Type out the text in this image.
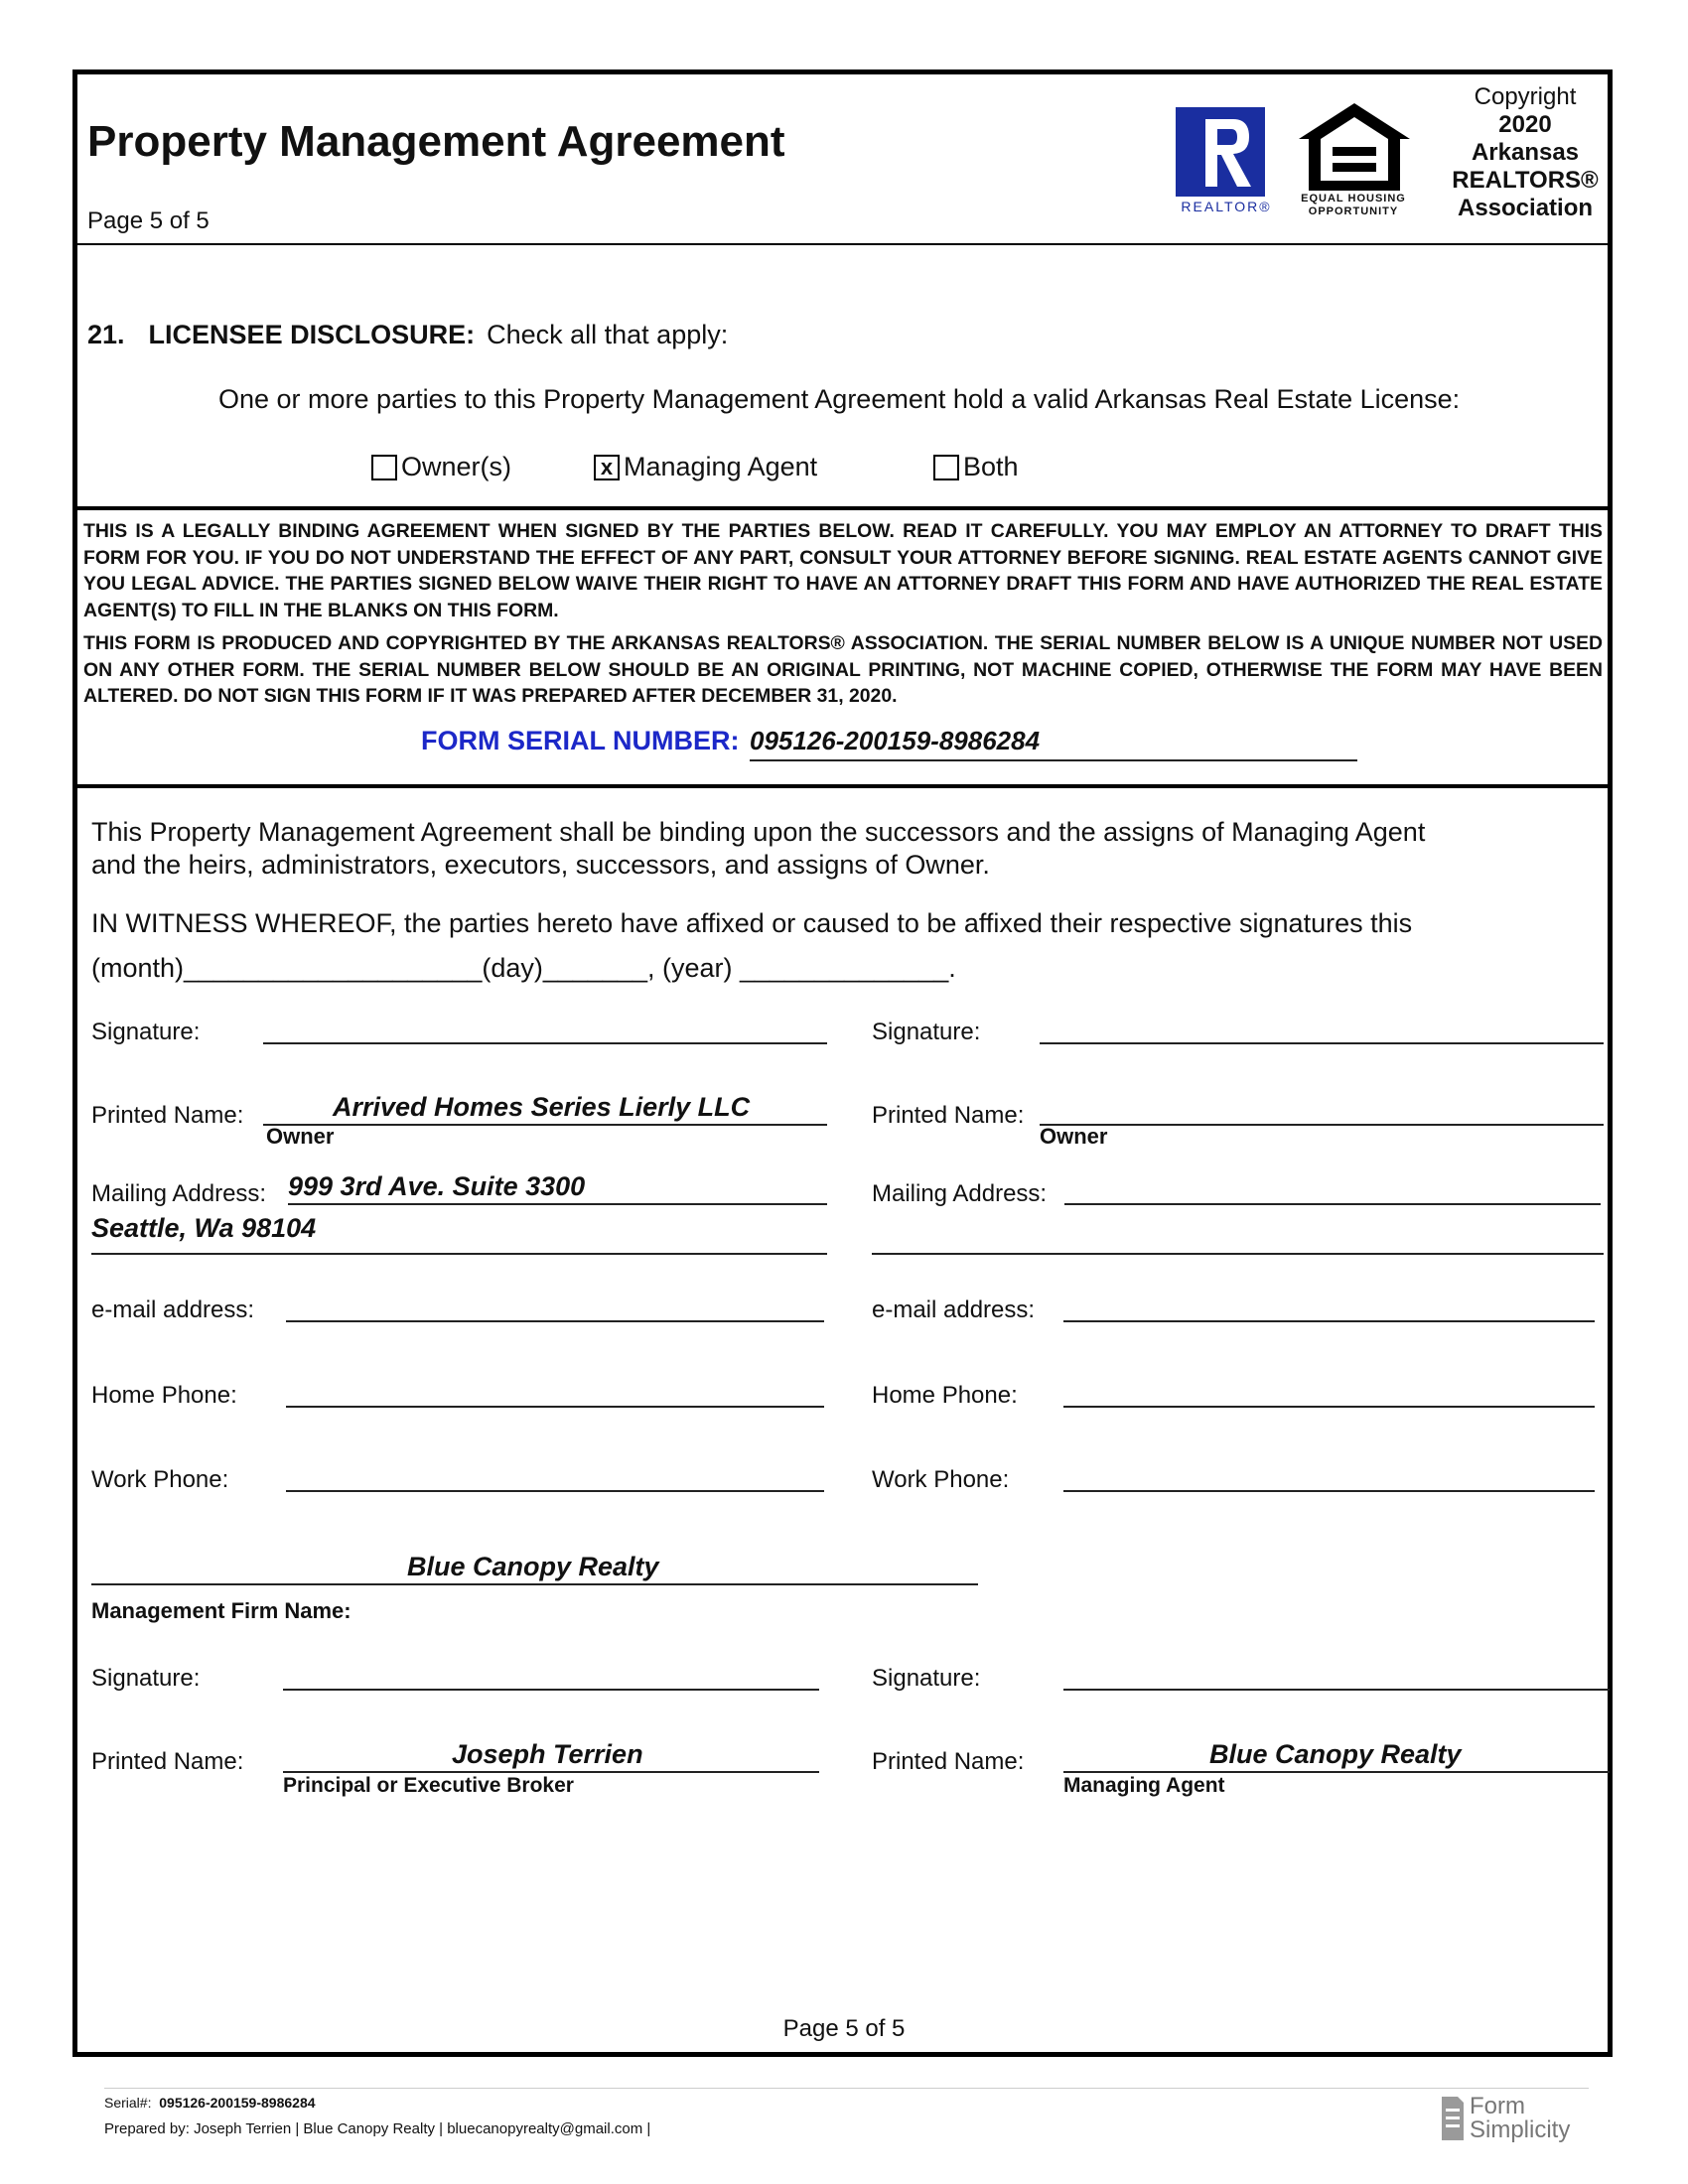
Property Management Agreement
Page 5 of 5
REALTOR®	EQUAL HOUSING
OPPORTUNITY
Copyright
2020
Arkansas
REALTORS®
Association
21. LICENSEE DISCLOSURE: Check all that apply:
One or more parties to this Property Management Agreement hold a valid Arkansas Real Estate License:
Owner(s)	x Managing Agent	Both
THIS IS A LEGALLY BINDING AGREEMENT WHEN SIGNED BY THE PARTIES BELOW. READ IT CAREFULLY. YOU MAY EMPLOY AN ATTORNEY TO DRAFT THIS FORM FOR YOU. IF YOU DO NOT UNDERSTAND THE EFFECT OF ANY PART, CONSULT YOUR ATTORNEY BEFORE SIGNING. REAL ESTATE AGENTS CANNOT GIVE YOU LEGAL ADVICE. THE PARTIES SIGNED BELOW WAIVE THEIR RIGHT TO HAVE AN ATTORNEY DRAFT THIS FORM AND HAVE AUTHORIZED THE REAL ESTATE AGENT(S) TO FILL IN THE BLANKS ON THIS FORM.
THIS FORM IS PRODUCED AND COPYRIGHTED BY THE ARKANSAS REALTORS® ASSOCIATION. THE SERIAL NUMBER BELOW IS A UNIQUE NUMBER NOT USED ON ANY OTHER FORM. THE SERIAL NUMBER BELOW SHOULD BE AN ORIGINAL PRINTING, NOT MACHINE COPIED, OTHERWISE THE FORM MAY HAVE BEEN ALTERED. DO NOT SIGN THIS FORM IF IT WAS PREPARED AFTER DECEMBER 31, 2020.
FORM SERIAL NUMBER: 095126-200159-8986284
This Property Management Agreement shall be binding upon the successors and the assigns of Managing Agent
and the heirs, administrators, executors, successors, and assigns of Owner.
IN WITNESS WHEREOF, the parties hereto have affixed or caused to be affixed their respective signatures this
(month)____________________(day)_______, (year) ______________.
Signature:
Printed Name:	Arrived Homes Series Lierly LLC
Owner
Mailing Address: 999 3rd Ave. Suite 3300
Seattle, Wa 98104
e-mail address:
Home Phone:
Work Phone:
Signature:
Printed Name:
Owner
Mailing Address:
e-mail address:
Home Phone:
Work Phone:
Blue Canopy Realty
Management Firm Name:
Signature:	Signature:
Printed Name:	Joseph Terrien
Principal or Executive Broker
Printed Name:	Blue Canopy Realty
Managing Agent
Page 5 of 5
Serial#: 095126-200159-8986284
Prepared by: Joseph Terrien | Blue Canopy Realty | bluecanopyrealty@gmail.com |
Form
Simplicity
